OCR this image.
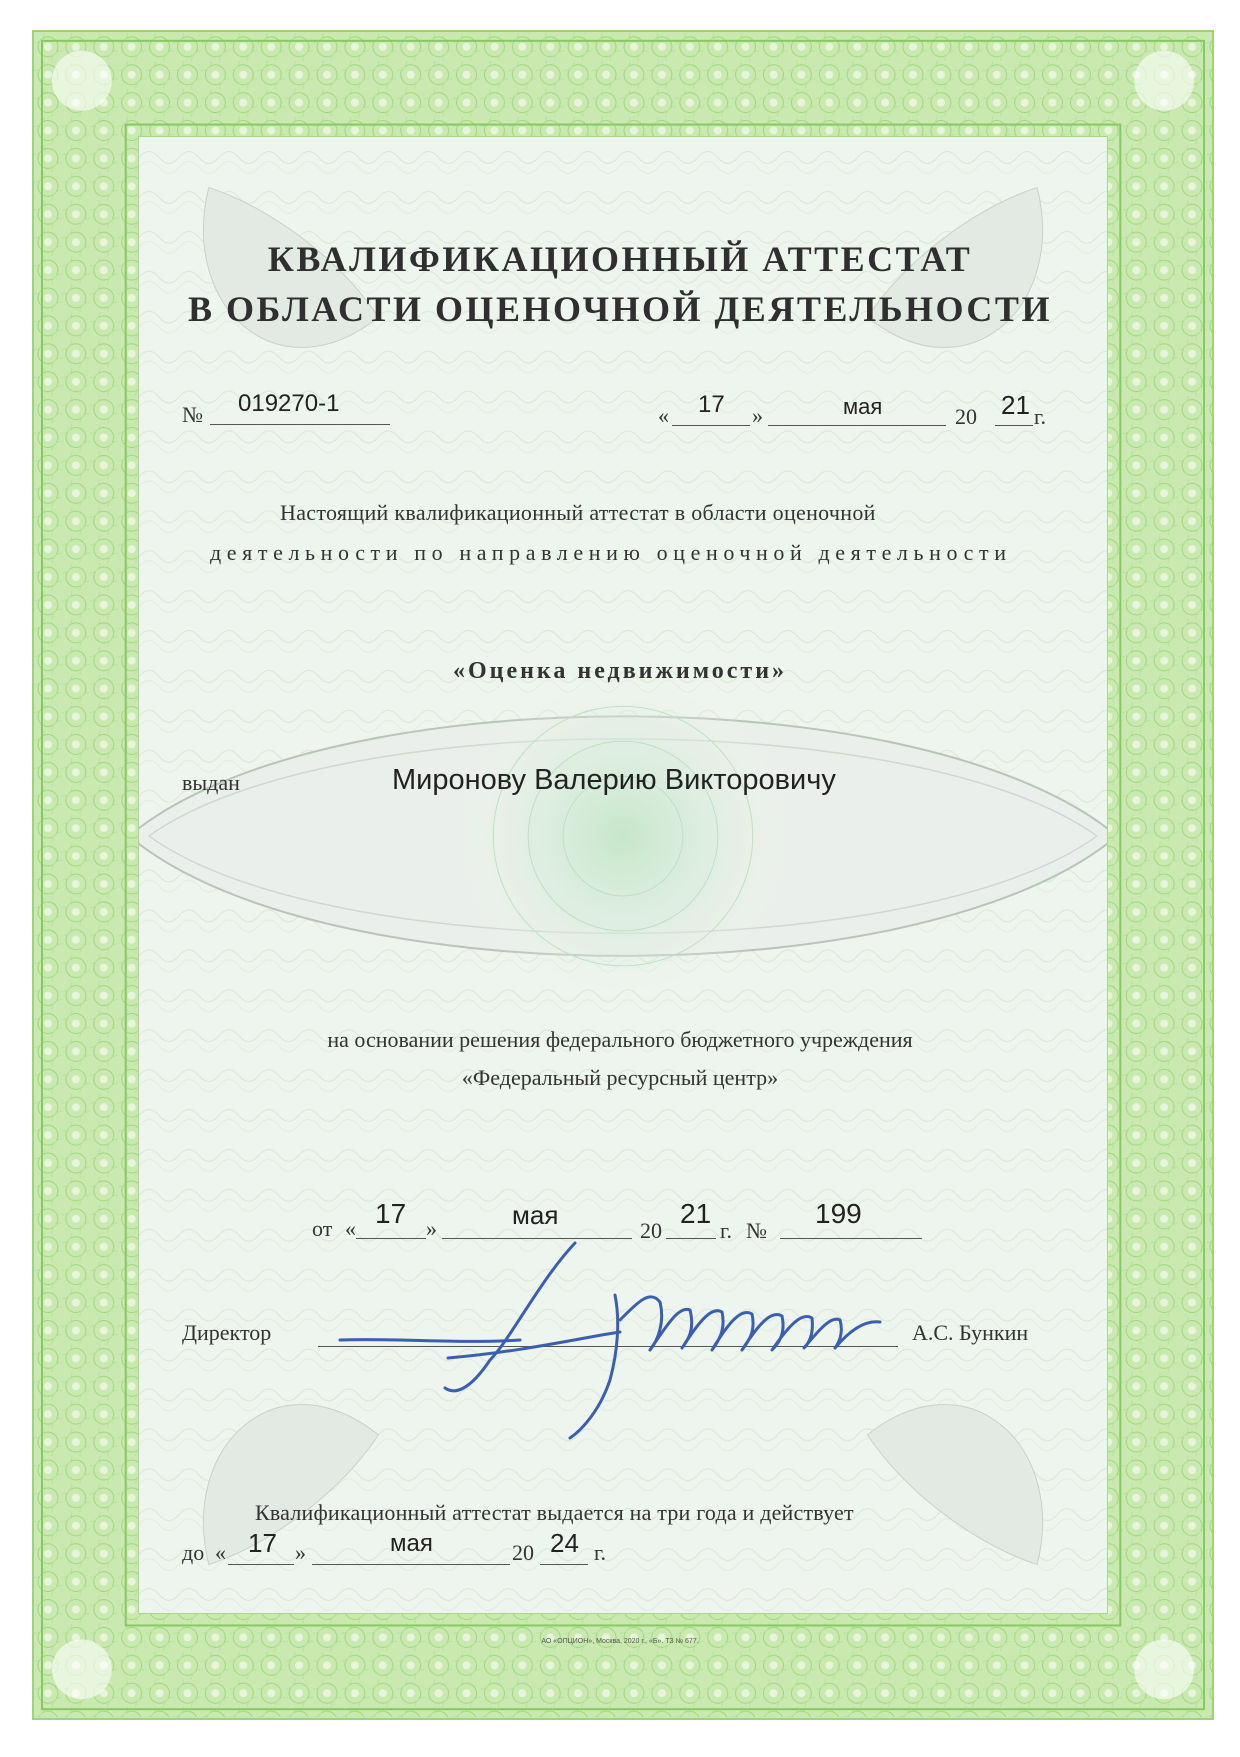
КВАЛИФИКАЦИОННЫЙ АТТЕСТАТ
В ОБЛАСТИ ОЦЕНОЧНОЙ ДЕЯТЕЛЬНОСТИ
№ 019270-1	« 17 »	мая	20 21 г.
Настоящий квалификационный аттестат в области оценочной
деятельности по направлению оценочной деятельности
«Оценка недвижимости»
выдан	Миронову Валерию Викторовичу
на основании решения федерального бюджетного учреждения
«Федеральный ресурсный центр»
от « 17 »	мая
20
21
г. №
199
Директор	А.С. Бункин
Квалификационный аттестат выдается на три года и действует
до « 17 »	мая	20 24 г.
АО «ОПЦИОН», Москва, 2020 г., «Б». ТЗ № 677.
